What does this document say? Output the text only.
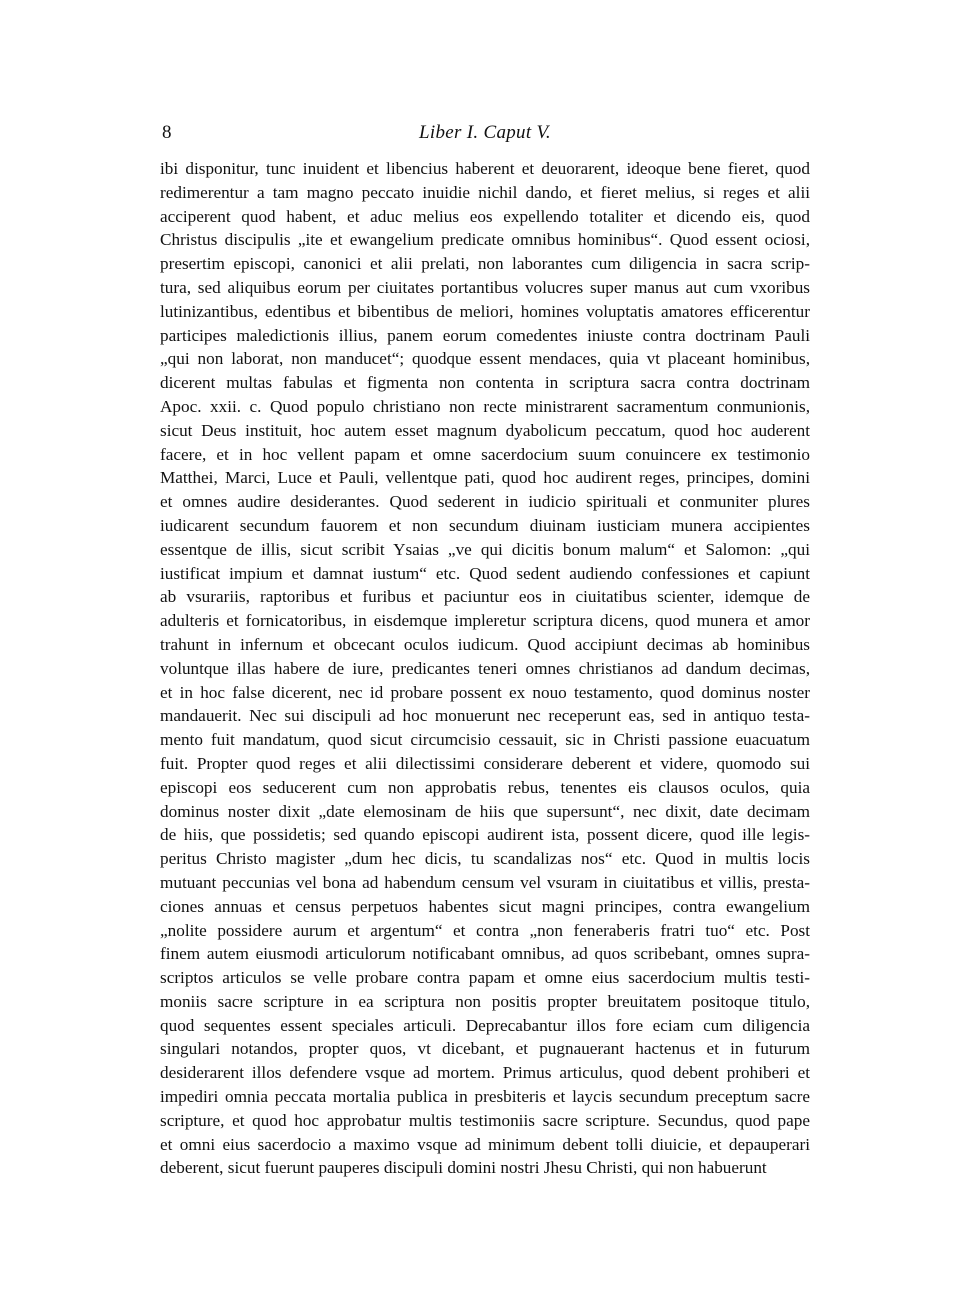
8	Liber I. Caput V.
ibi disponitur, tunc inuident et libencius haberent et deuorarent, ideoque bene fieret, quod
redimerentur a tam magno peccato inuidie nichil dando, et fieret melius, si reges et alii
acciperent quod habent, et aduc melius eos expellendo totaliter et dicendo eis, quod
Christus discipulis „ite et ewangelium predicate omnibus hominibus“. Quod essent ociosi,
presertim episcopi, canonici et alii prelati, non laborantes cum diligencia in sacra scrip-
tura, sed aliquibus eorum per ciuitates portantibus volucres super manus aut cum vxoribus
lutinizantibus, edentibus et bibentibus de meliori, homines voluptatis amatores efficerentur
participes maledictionis illius, panem eorum comedentes iniuste contra doctrinam Pauli
„qui non laborat, non manducet“; quodque essent mendaces, quia vt placeant hominibus,
dicerent multas fabulas et figmenta non contenta in scriptura sacra contra doctrinam
Apoc. xxii. c. Quod populo christiano non recte ministrarent sacramentum conmunionis,
sicut Deus instituit, hoc autem esset magnum dyabolicum peccatum, quod hoc auderent
facere, et in hoc vellent papam et omne sacerdocium suum conuincere ex testimonio
Matthei, Marci, Luce et Pauli, vellentque pati, quod hoc audirent reges, principes, domini
et omnes audire desiderantes. Quod sederent in iudicio spirituali et conmuniter plures
iudicarent secundum fauorem et non secundum diuinam iusticiam munera accipientes
essentque de illis, sicut scribit Ysaias „ve qui dicitis bonum malum“ et Salomon: „qui
iustificat impium et damnat iustum“ etc. Quod sedent audiendo confessiones et capiunt
ab vsurariis, raptoribus et furibus et paciuntur eos in ciuitatibus scienter, idemque de
adulteris et fornicatoribus, in eisdemque impleretur scriptura dicens, quod munera et amor
trahunt in infernum et obcecant oculos iudicum. Quod accipiunt decimas ab hominibus
voluntque illas habere de iure, predicantes teneri omnes christianos ad dandum decimas,
et in hoc false dicerent, nec id probare possent ex nouo testamento, quod dominus noster
mandauerit. Nec sui discipuli ad hoc monuerunt nec receperunt eas, sed in antiquo testa-
mento fuit mandatum, quod sicut circumcisio cessauit, sic in Christi passione euacuatum
fuit. Propter quod reges et alii dilectissimi considerare deberent et videre, quomodo sui
episcopi eos seducerent cum non approbatis rebus, tenentes eis clausos oculos, quia
dominus noster dixit „date elemosinam de hiis que supersunt“, nec dixit, date decimam
de hiis, que possidetis; sed quando episcopi audirent ista, possent dicere, quod ille legis-
peritus Christo magister „dum hec dicis, tu scandalizas nos“ etc. Quod in multis locis
mutuant peccunias vel bona ad habendum censum vel vsuram in ciuitatibus et villis, presta-
ciones annuas et census perpetuos habentes sicut magni principes, contra ewangelium
„nolite possidere aurum et argentum“ et contra „non feneraberis fratri tuo“ etc. Post
finem autem eiusmodi articulorum notificabant omnibus, ad quos scribebant, omnes supra-
scriptos articulos se velle probare contra papam et omne eius sacerdocium multis testi-
moniis sacre scripture in ea scriptura non positis propter breuitatem positoque titulo,
quod sequentes essent speciales articuli. Deprecabantur illos fore eciam cum diligencia
singulari notandos, propter quos, vt dicebant, et pugnauerant hactenus et in futurum
desiderarent illos defendere vsque ad mortem. Primus articulus, quod debent prohiberi et
impediri omnia peccata mortalia publica in presbiteris et laycis secundum preceptum sacre
scripture, et quod hoc approbatur multis testimoniis sacre scripture. Secundus, quod pape
et omni eius sacerdocio a maximo vsque ad minimum debent tolli diuicie, et depauperari
deberent, sicut fuerunt pauperes discipuli domini nostri Jhesu Christi, qui non habuerunt
